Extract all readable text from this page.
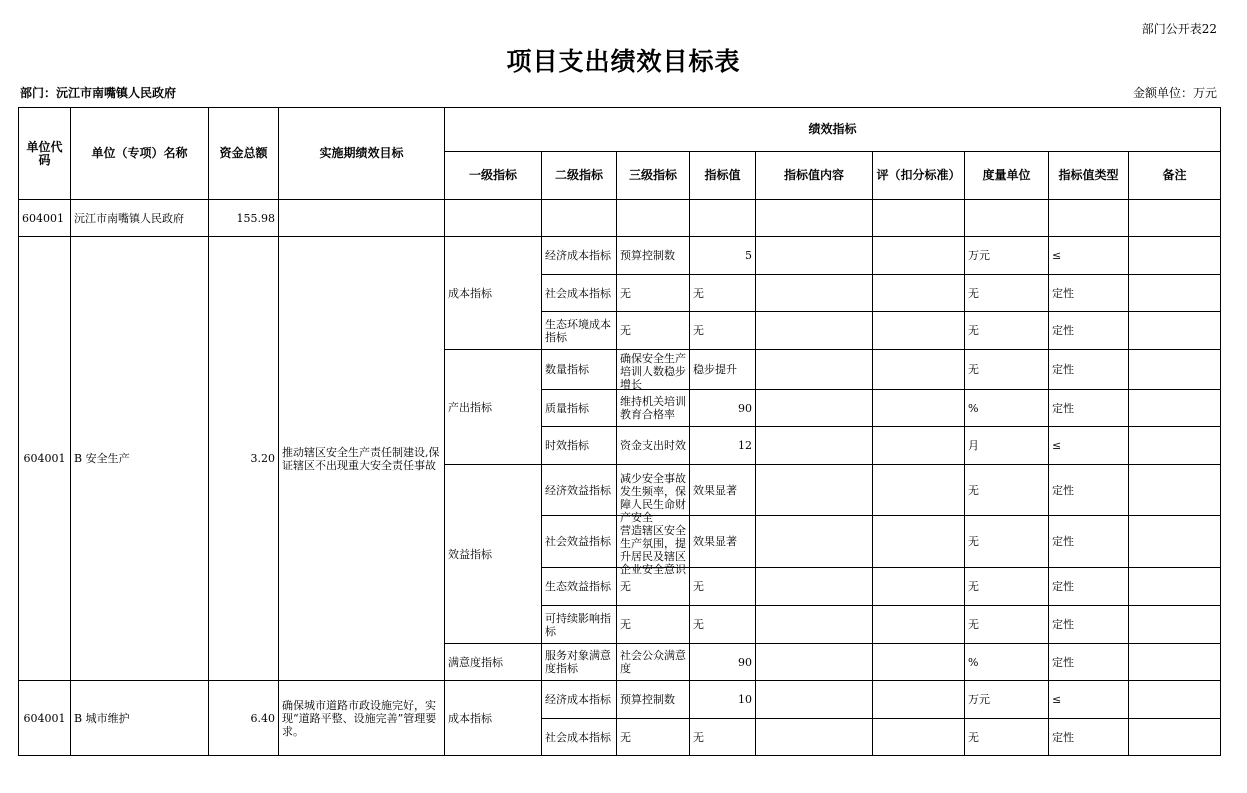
部门公开表22
项目支出绩效目标表
部门：沅江市南嘴镇人民政府	金额单位：万元
单位代码	单位（专项）名称	资金总额	实施期绩效目标	绩效指标								
				一级指标	二级指标	三级指标	指标值	指标值内容	评（扣分标准）	度量单位	指标值类型	备注
604001	沅江市南嘴镇人民政府	155.98										
604001	B 安全生产	3.20	推动辖区安全生产责任制建设,保证辖区不出现重大安全责任事故	成本指标	经济成本指标	预算控制数	5			万元	≤	
					社会成本指标	无	无			无	定性	
					生态环境成本指标	无	无			无	定性	
				产出指标	数量指标	确保安全生产培训人数稳步增长	稳步提升			无	定性	
					质量指标	维持机关培训教育合格率	90			%	定性	
					时效指标	资金支出时效	12			月	≤	
				效益指标	经济效益指标	减少安全事故发生频率，保障人民生命财产安全	效果显著			无	定性	
					社会效益指标	营造辖区安全生产氛围，提升居民及辖区企业安全意识	效果显著			无	定性	
					生态效益指标	无	无			无	定性	
					可持续影响指标	无	无			无	定性	
				满意度指标	服务对象满意度指标	社会公众满意度	90			%	定性	
604001	B 城市维护	6.40	确保城市道路市政设施完好，实现“道路平整、设施完善”管理要求。	成本指标	经济成本指标	预算控制数	10			万元	≤	
					社会成本指标	无	无			无	定性	
